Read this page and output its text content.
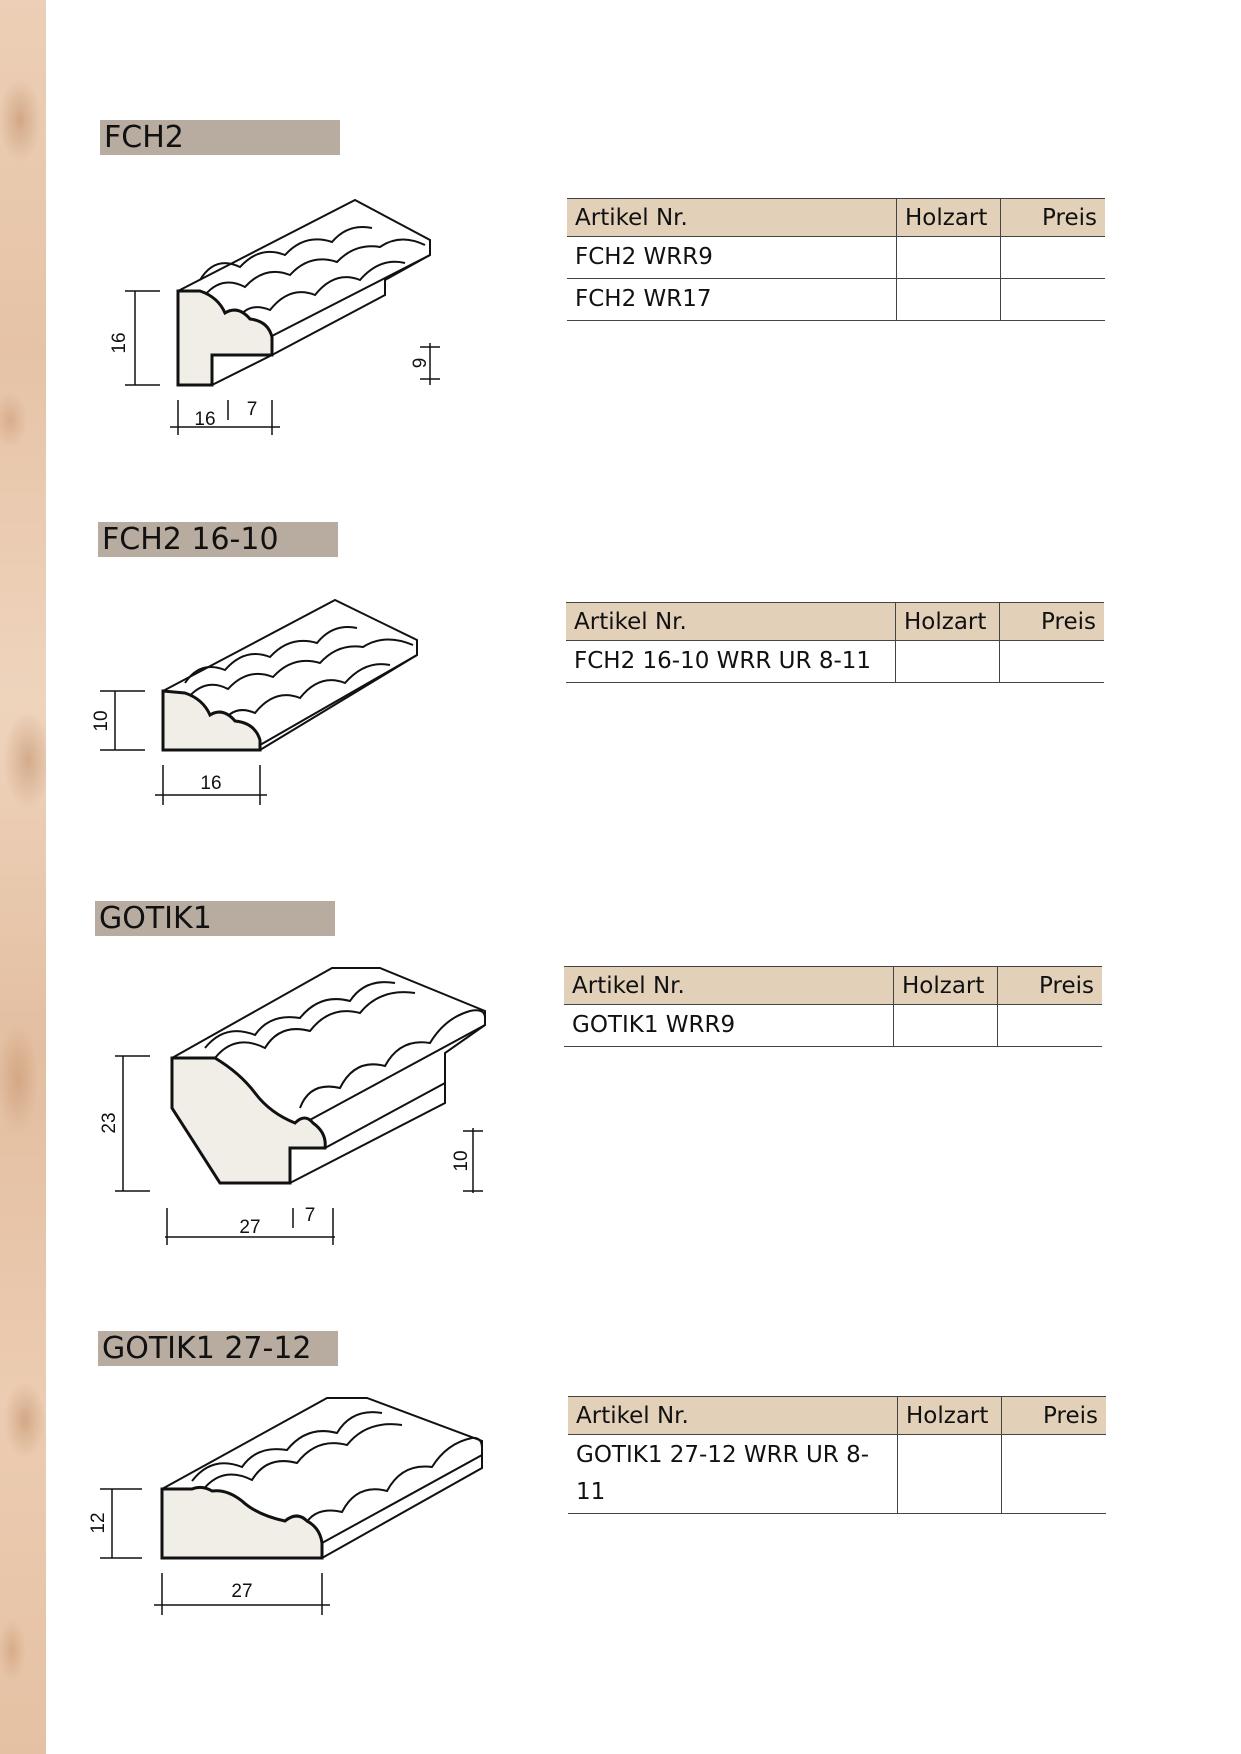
FCH2
16
16 7
9
Artikel Nr.	Holzart	Preis
FCH2 WRR9		
FCH2 WR17		
FCH2 16-10
10
16
Artikel Nr.	Holzart	Preis
FCH2 16-10 WRR UR 8-11		
GOTIK1
23
27
7
10
Artikel Nr.	Holzart	Preis
GOTIK1 WRR9		
GOTIK1 27-12
12
27
Artikel Nr.	Holzart	Preis
GOTIK1 27-12 WRR UR 8-11		
